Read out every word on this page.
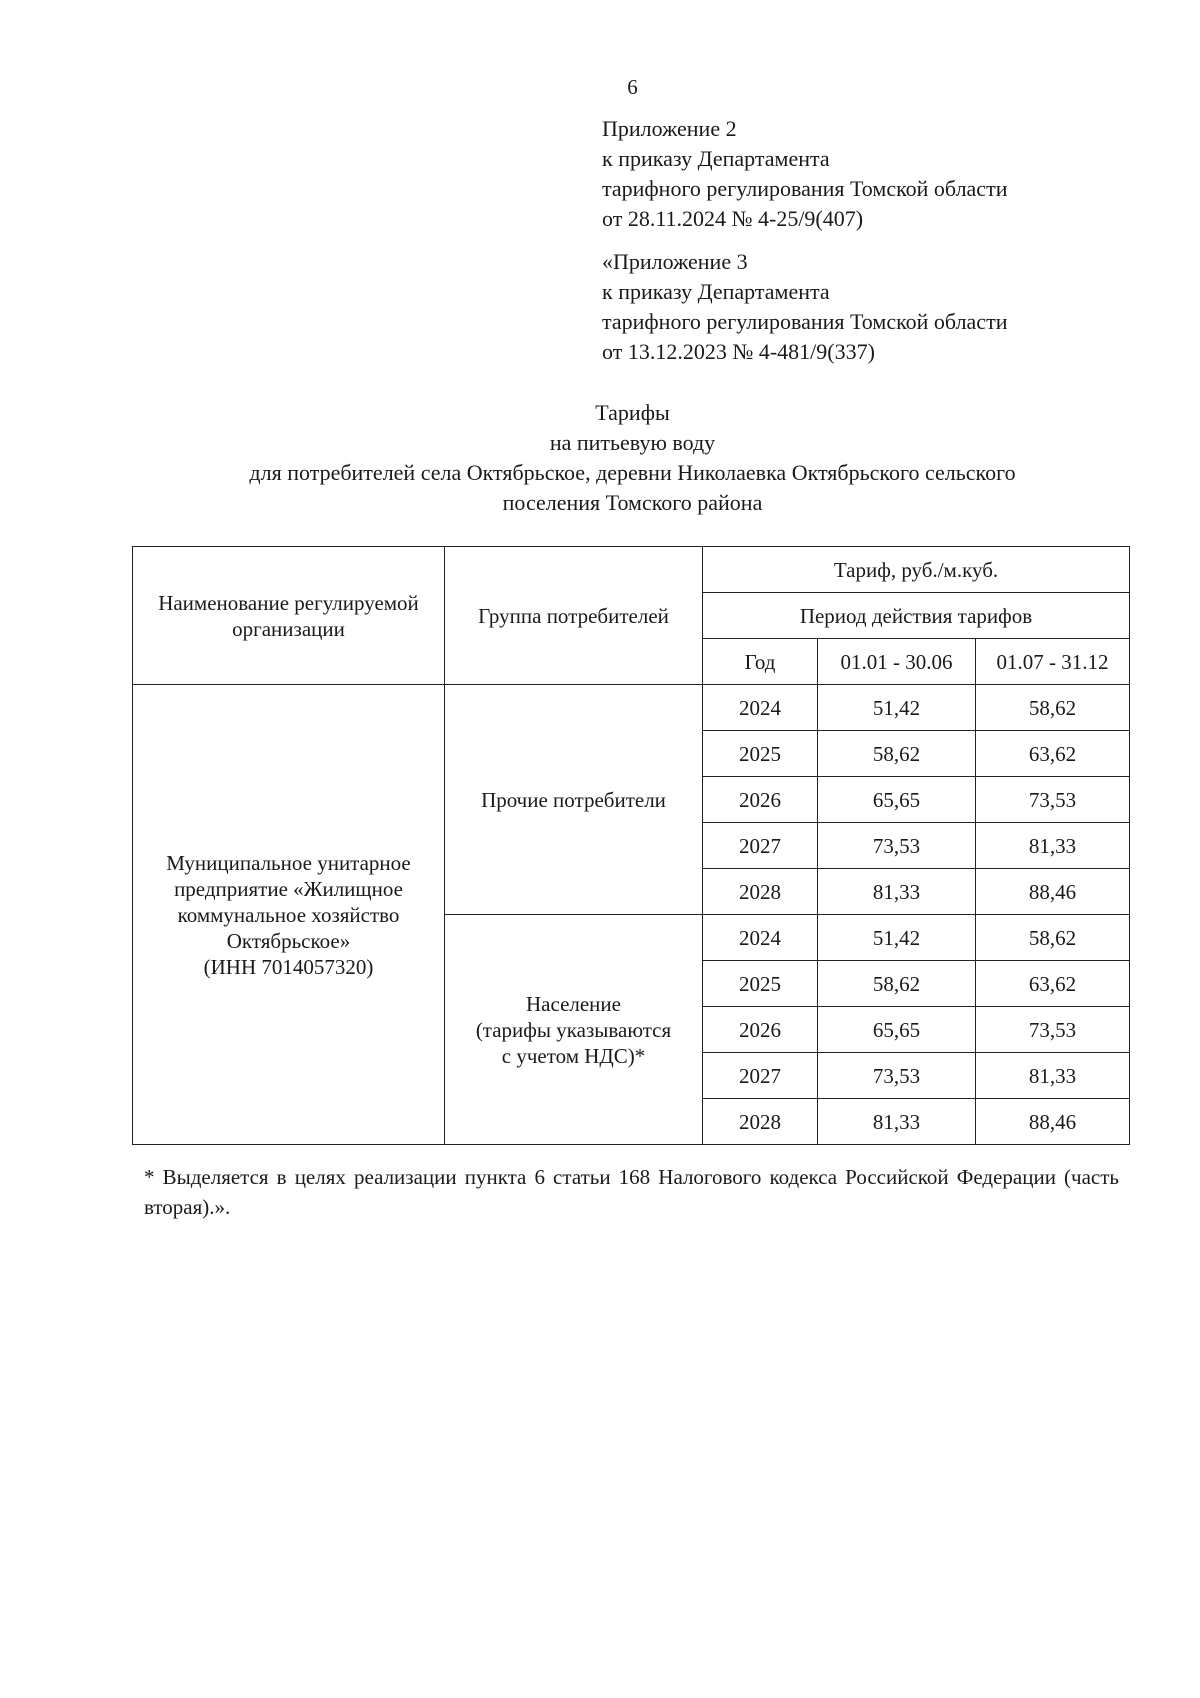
6
Приложение 2
к приказу Департамента
тарифного регулирования Томской области
от 28.11.2024 № 4-25/9(407)
«Приложение 3
к приказу Департамента
тарифного регулирования Томской области
от 13.12.2023 № 4-481/9(337)
Тарифы
на питьевую воду
для потребителей села Октябрьское, деревни Николаевка Октябрьского сельского
поселения Томского района
Наименование регулируемой организации	Группа потребителей	Тариф, руб./м.куб.		
		Период действия тарифов		
		Год	01.01 - 30.06	01.07 - 31.12

Муниципальное унитарное
предприятие «Жилищное
коммунальное хозяйство
Октябрьское»
(ИНН 7014057320)	Прочие потребители	2024	51,42	58,62
		2025	58,62	63,62
		2026	65,65	73,53
		2027	73,53	81,33
		2028	81,33	88,46

	Население
(тарифы указываются
с учетом НДС)*	2024	51,42	58,62
		2025	58,62	63,62
		2026	65,65	73,53
		2027	73,53	81,33
		2028	81,33	88,46
* Выделяется в целях реализации пункта 6 статьи 168 Налогового кодекса Российской Федерации (часть вторая).».
